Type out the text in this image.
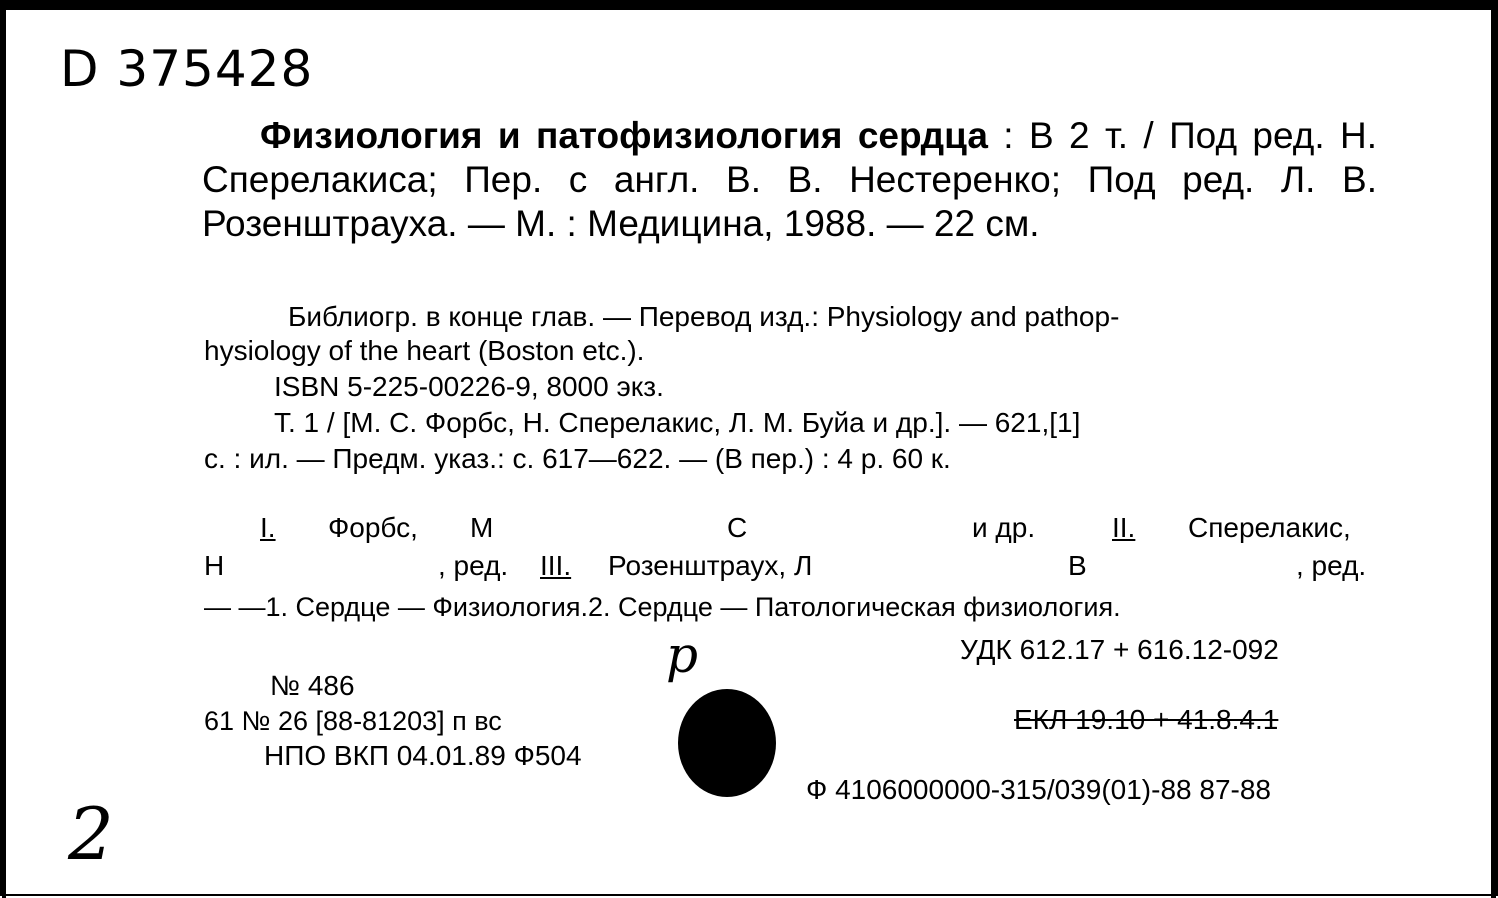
D 375428
Физиология и патофизиология сердца : В 2 т. / Под ред. Н. Сперелакиса; Пер. с англ. В. В. Нестеренко; Под ред. Л. В. Розенштрауха. — М. : Медицина, 1988. — 22 см.
Библиогр. в конце глав. — Перевод изд.: Physiology and pathop-
hysiology of the heart (Boston etc.).
ISBN 5-225-00226-9, 8000 экз.
Т. 1 / [М. С. Форбс, Н. Сперелакис, Л. М. Буйа и др.]. — 621,[1]
с. : ил. — Предм. указ.: с. 617—622. — (В пер.) : 4 р. 60 к.
I. Форбс, М	С	и др.	II. Сперелакис,
Н	, ред. III. Розенштраух, Л	В	, ред.
— —1. Сердце — Физиология.2. Сердце — Патологическая физиология.
УДК 612.17 + 616.12-092
р
№ 486
61 № 26 [88-81203] п вс
НПО ВКП 04.01.89 Ф504
ЕКЛ 19.10 + 41.8.4.1
Ф 4106000000-315/039(01)-88 87-88
2
